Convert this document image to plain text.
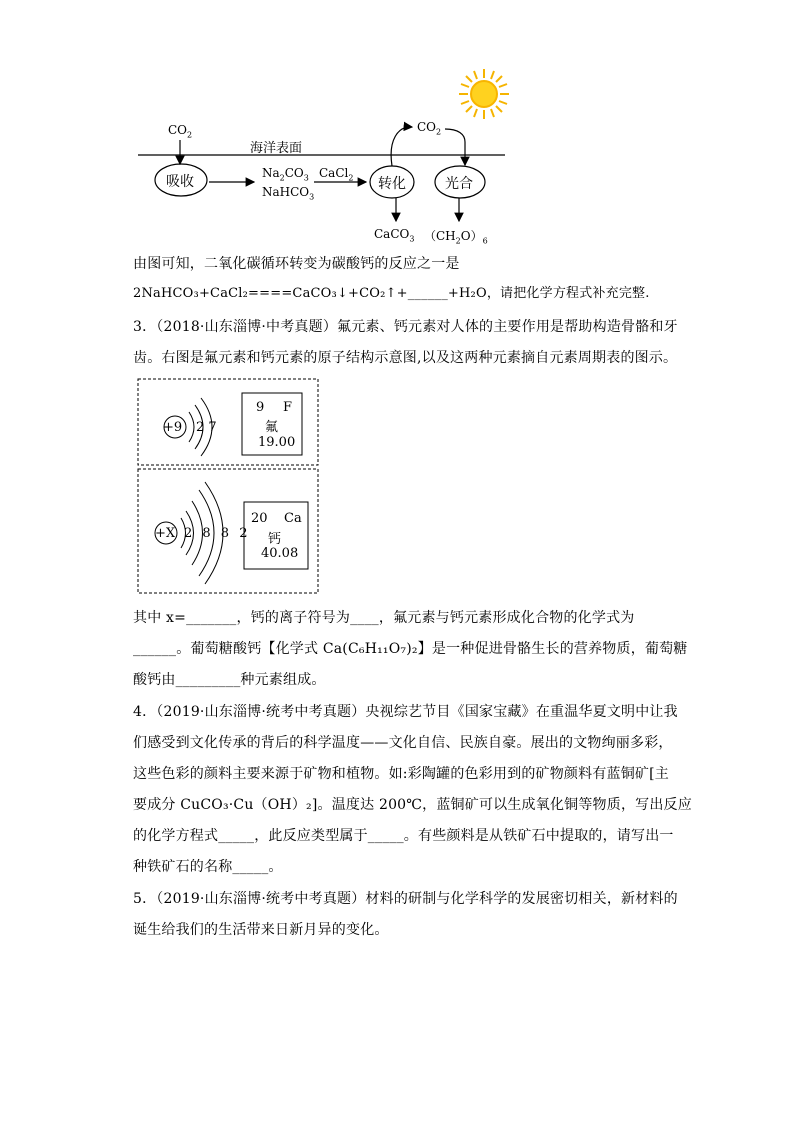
$CO_2$
海洋表面
吸收
$Na_2CO_3$
NaHCO$_3$
CaCl$_2$ 转化	光合
$CO_2$
CaCO$_3$ $(CH_2O)_6$
由图可知，二氧化碳循环转变为碳酸钙的反应之一是
2NaHCO₃+CaCl₂====CaCO₃↓+CO₂↑+______+H₂O，请把化学方程式补充完整.
3．（2018·山东淄博·中考真题）氟元素、钙元素对人体的主要作用是帮助构造骨骼和牙
齿。右图是氟元素和钙元素的原子结构示意图,以及这两种元素摘自元素周期表的图示。
+9 2 7
9 F
氟
19.00
+X 2 8 8 2
20 Ca
钙
40.08
其中 x=_______，钙的离子符号为____，氟元素与钙元素形成化合物的化学式为
______。葡萄糖酸钙【化学式 Ca(C₆H₁₁O₇)₂】是一种促进骨骼生长的营养物质，葡萄糖
酸钙由_________种元素组成。
4．（2019·山东淄博·统考中考真题）央视综艺节目《国家宝藏》在重温华夏文明中让我
们感受到文化传承的背后的科学温度——文化自信、民族自豪。展出的文物绚丽多彩，
这些色彩的颜料主要来源于矿物和植物。如:彩陶罐的色彩用到的矿物颜料有蓝铜矿[主
要成分 CuCO₃·Cu（OH）₂]。温度达 200℃，蓝铜矿可以生成氧化铜等物质，写出反应
的化学方程式_____，此反应类型属于_____。有些颜料是从铁矿石中提取的，请写出一
种铁矿石的名称_____。
5．（2019·山东淄博·统考中考真题）材料的研制与化学科学的发展密切相关，新材料的
诞生给我们的生活带来日新月异的变化。
